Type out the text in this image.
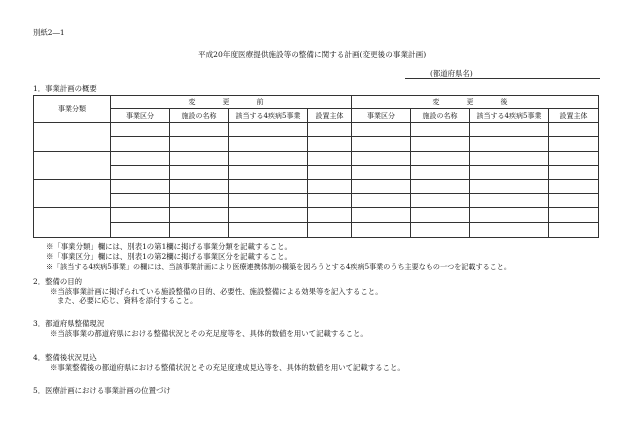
別紙2―1
平成20年度医療提供施設等の整備に関する計画(変更後の事業計画)
(都道府県名)
1．事業計画の概要
事業分類	変　更　前				変　更　後			
	事業区分	施設の名称	該当する4疾病5事業	設置主体	事業区分	施設の名称	該当する4疾病5事業	設置主体

※「事業分類」欄には、別表1の第1欄に掲げる事業分類を記載すること。
※「事業区分」欄には、別表1の第2欄に掲げる事業区分を記載すること。
※「該当する4疾病5事業」の欄には、当該事業計画により医療連携体制の構築を図ろうとする4疾病5事業のうち主要なもの一つを記載すること。
2．整備の目的
※当該事業計画に掲げられている施設整備の目的、必要性、施設整備による効果等を記入すること。
また、必要に応じ、資料を添付すること。
3．都道府県整備現況
※当該事業の都道府県における整備状況とその充足度等を、具体的数値を用いて記載すること。
4．整備後状況見込
※事業整備後の都道府県における整備状況とその充足度達成見込等を、具体的数値を用いて記載すること。
5．医療計画における事業計画の位置づけ
